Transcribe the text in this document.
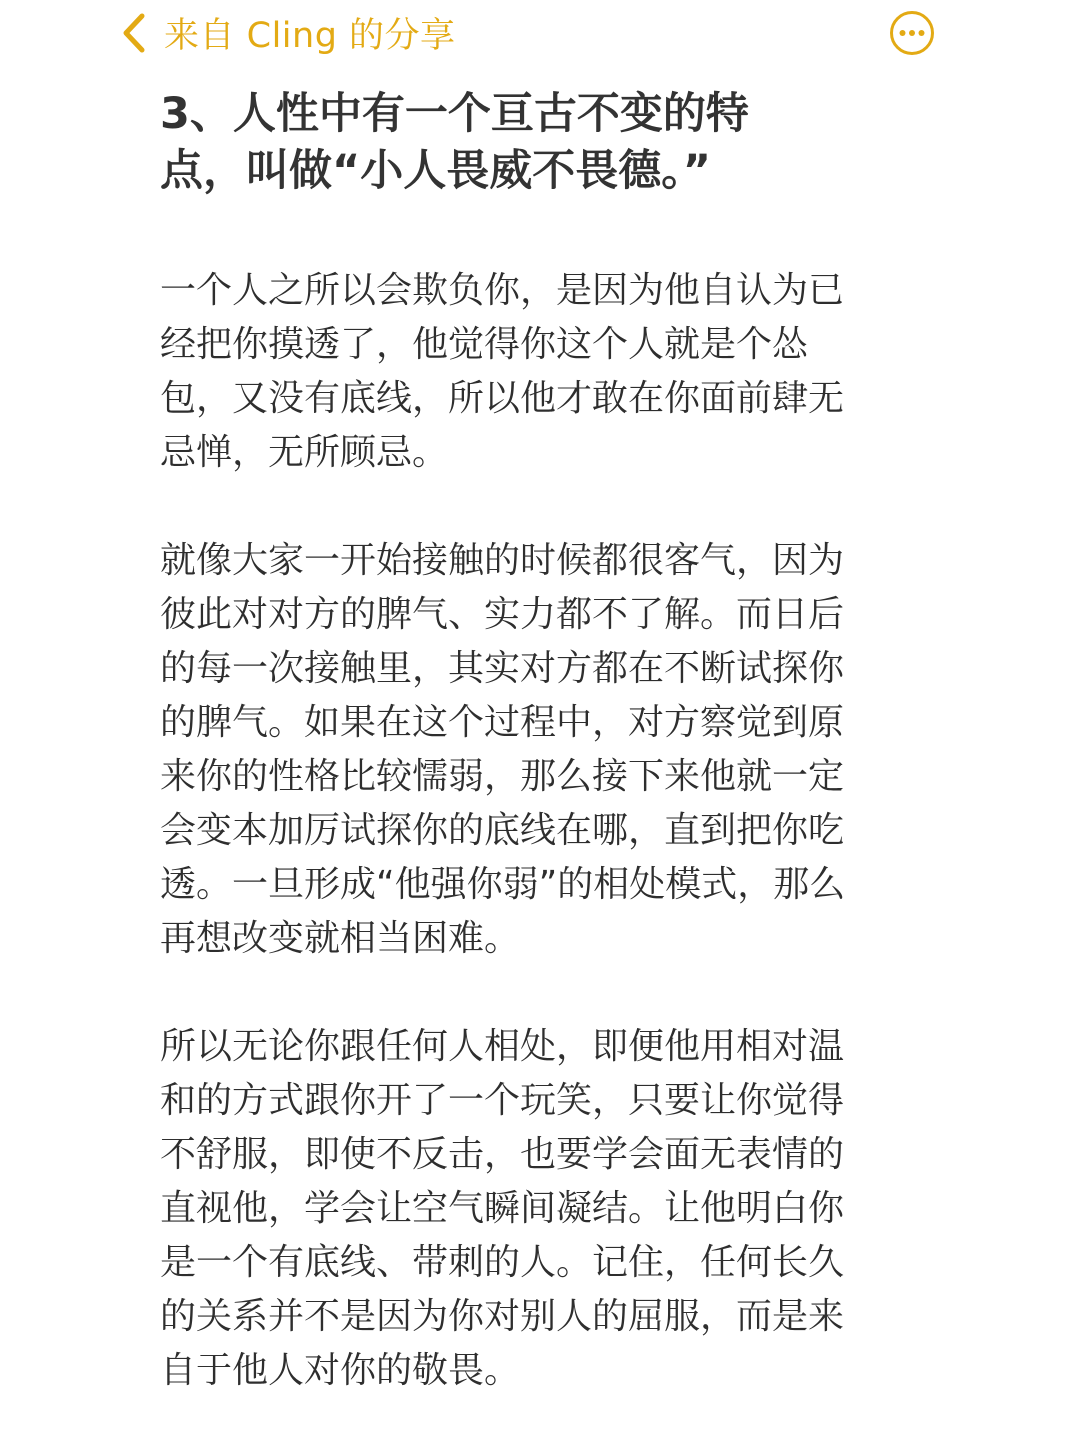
来自 Cling 的分享
3、人性中有一个亘古不变的特
点，叫做“小人畏威不畏德。”

一个人之所以会欺负你，是因为他自认为已
经把你摸透了，他觉得你这个人就是个怂
包，又没有底线，所以他才敢在你面前肆无
忌惮，无所顾忌。

就像大家一开始接触的时候都很客气，因为
彼此对对方的脾气、实力都不了解。而日后
的每一次接触里，其实对方都在不断试探你
的脾气。如果在这个过程中，对方察觉到原
来你的性格比较懦弱，那么接下来他就一定
会变本加厉试探你的底线在哪，直到把你吃
透。一旦形成“他强你弱”的相处模式，那么
再想改变就相当困难。

所以无论你跟任何人相处，即便他用相对温
和的方式跟你开了一个玩笑，只要让你觉得
不舒服，即使不反击，也要学会面无表情的
直视他，学会让空气瞬间凝结。让他明白你
是一个有底线、带刺的人。记住，任何长久
的关系并不是因为你对别人的屈服，而是来
自于他人对你的敬畏。
